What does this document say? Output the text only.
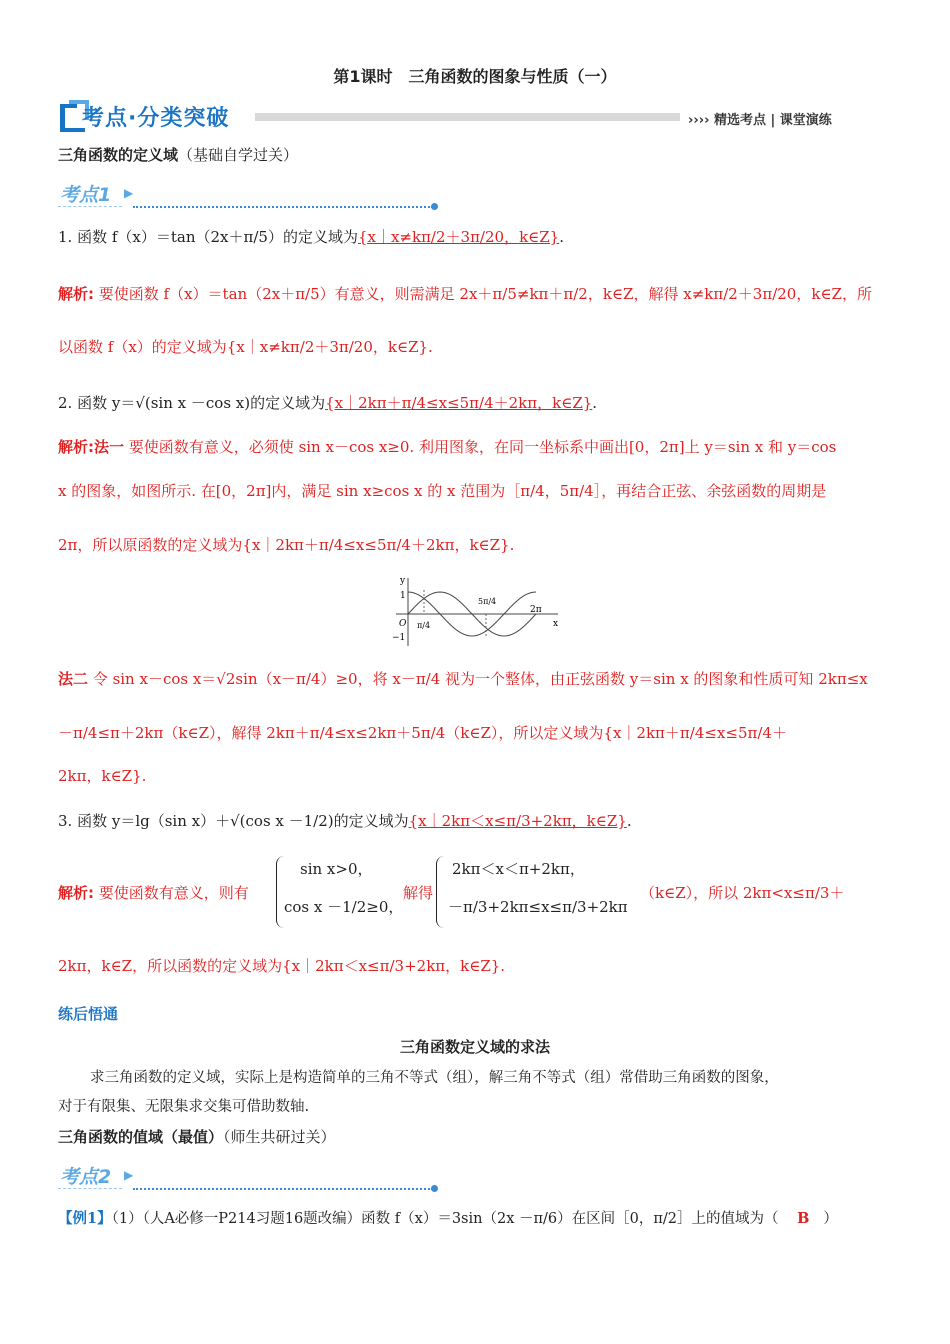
第1课时　三角函数的图象与性质（一）
考点·分类突破	›››› 精选考点 | 课堂演练
三角函数的定义域（基础自学过关）
考点1 ▶
1. 函数 f（x）＝tan（2x＋π/5）的定义域为{x｜x≠kπ/2＋3π/20，k∈Z}.
解析: 要使函数 f（x）＝tan（2x＋π/5）有意义，则需满足 2x＋π/5≠kπ＋π/2，k∈Z，解得 x≠kπ/2＋3π/20，k∈Z，所
以函数 f（x）的定义域为{x｜x≠kπ/2＋3π/20，k∈Z}.
2. 函数 y＝√(sin x －cos x)的定义域为{x｜2kπ＋π/4≤x≤5π/4＋2kπ，k∈Z}.
解析:法一 要使函数有意义，必须使 sin x－cos x≥0. 利用图象，在同一坐标系中画出[0，2π]上 y＝sin x 和 y＝cos
x 的图象，如图所示. 在[0，2π]内，满足 sin x≥cos x 的 x 范围为［π/4，5π/4］，再结合正弦、余弦函数的周期是
2π，所以原函数的定义域为{x｜2kπ＋π/4≤x≤5π/4＋2kπ，k∈Z}.
y
x
1
−1
O π/4
5π/4
2π
法二 令 sin x－cos x＝√2sin（x－π/4）≥0，将 x－π/4 视为一个整体，由正弦函数 y＝sin x 的图象和性质可知 2kπ≤x
－π/4≤π＋2kπ（k∈Z），解得 2kπ＋π/4≤x≤2kπ＋5π/4（k∈Z），所以定义域为{x｜2kπ＋π/4≤x≤5π/4＋
2kπ，k∈Z}.
3. 函数 y＝lg（sin x）＋√(cos x －1/2)的定义域为{x｜2kπ＜x≤π/3+2kπ，k∈Z}.
解析: 要使函数有意义，则有
sin x>0，
cos x －1/2≥0，
解得
2kπ＜x＜π+2kπ，
－π/3+2kπ≤x≤π/3+2kπ
（k∈Z），所以 2kπ<x≤π/3＋
2kπ，k∈Z，所以函数的定义域为{x｜2kπ＜x≤π/3+2kπ，k∈Z}.
练后悟通
三角函数定义域的求法
求三角函数的定义域，实际上是构造简单的三角不等式（组），解三角不等式（组）常借助三角函数的图象，
对于有限集、无限集求交集可借助数轴.
三角函数的值域（最值）（师生共研过关）
考点2 ▶
【例1】（1）（人A必修一P214习题16题改编）函数 f（x）＝3sin（2x －π/6）在区间［0，π/2］上的值域为（ B ）
